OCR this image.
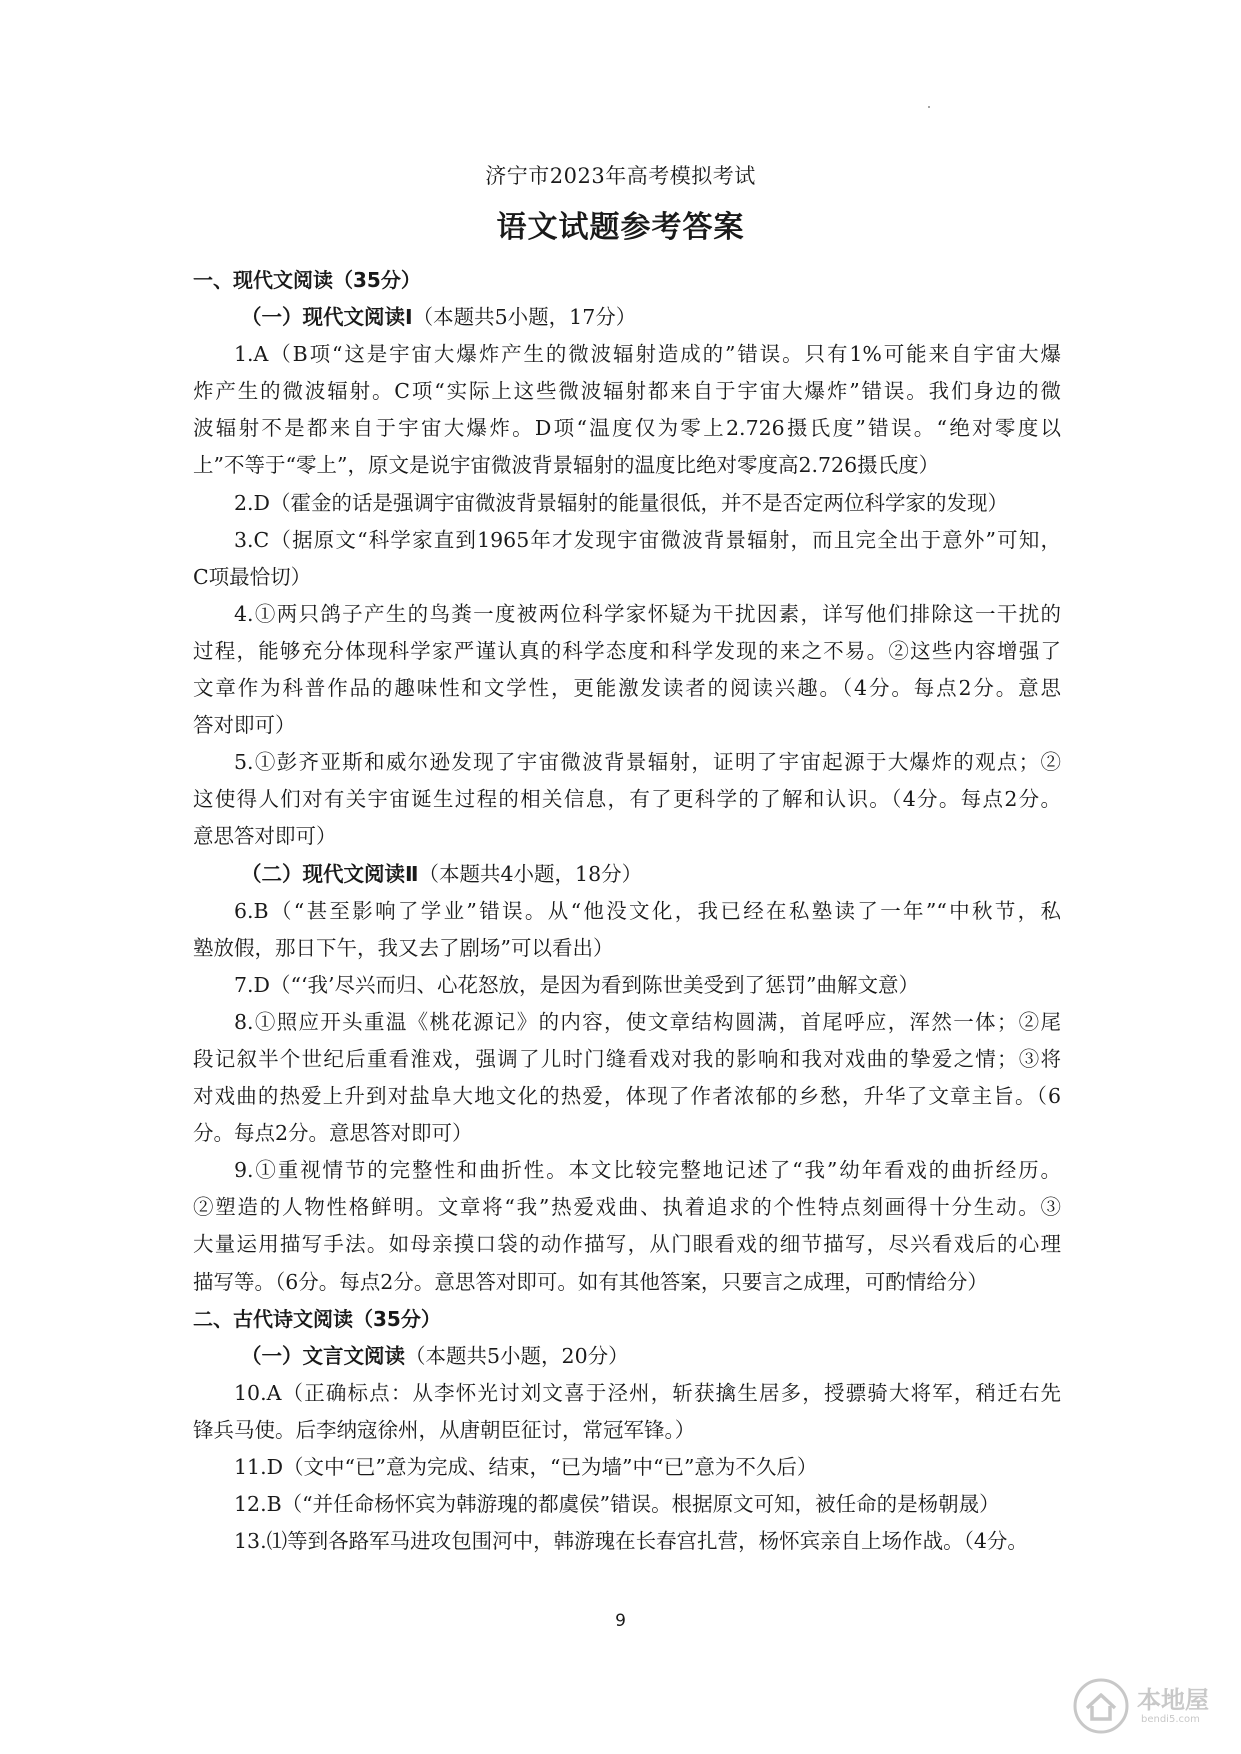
济宁市2023年高考模拟考试
语文试题参考答案
一、现代文阅读（35分）
（一）现代文阅读Ⅰ（本题共5小题，17分）
1.A（B项“这是宇宙大爆炸产生的微波辐射造成的”错误。只有1%可能来自宇宙大爆
炸产生的微波辐射。C项“实际上这些微波辐射都来自于宇宙大爆炸”错误。我们身边的微
波辐射不是都来自于宇宙大爆炸。D项“温度仅为零上2.726摄氏度”错误。“绝对零度以
上”不等于“零上”，原文是说宇宙微波背景辐射的温度比绝对零度高2.726摄氏度）
2.D（霍金的话是强调宇宙微波背景辐射的能量很低，并不是否定两位科学家的发现）
3.C（据原文“科学家直到1965年才发现宇宙微波背景辐射，而且完全出于意外”可知，
C项最恰切）
4.①两只鸽子产生的鸟粪一度被两位科学家怀疑为干扰因素，详写他们排除这一干扰的
过程，能够充分体现科学家严谨认真的科学态度和科学发现的来之不易。②这些内容增强了
文章作为科普作品的趣味性和文学性，更能激发读者的阅读兴趣。（4分。每点2分。意思
答对即可）
5.①彭齐亚斯和威尔逊发现了宇宙微波背景辐射，证明了宇宙起源于大爆炸的观点；②
这使得人们对有关宇宙诞生过程的相关信息，有了更科学的了解和认识。（4分。每点2分。
意思答对即可）
（二）现代文阅读Ⅱ（本题共4小题，18分）
6.B（“甚至影响了学业”错误。从“他没文化，我已经在私塾读了一年”“中秋节，私
塾放假，那日下午，我又去了剧场”可以看出）
7.D（“‘我’尽兴而归、心花怒放，是因为看到陈世美受到了惩罚”曲解文意）
8.①照应开头重温《桃花源记》的内容，使文章结构圆满，首尾呼应，浑然一体；②尾
段记叙半个世纪后重看淮戏，强调了儿时门缝看戏对我的影响和我对戏曲的挚爱之情；③将
对戏曲的热爱上升到对盐阜大地文化的热爱，体现了作者浓郁的乡愁，升华了文章主旨。（6
分。每点2分。意思答对即可）
9.①重视情节的完整性和曲折性。本文比较完整地记述了“我”幼年看戏的曲折经历。
②塑造的人物性格鲜明。文章将“我”热爱戏曲、执着追求的个性特点刻画得十分生动。③
大量运用描写手法。如母亲摸口袋的动作描写，从门眼看戏的细节描写，尽兴看戏后的心理
描写等。（6分。每点2分。意思答对即可。如有其他答案，只要言之成理，可酌情给分）
二、古代诗文阅读（35分）
（一）文言文阅读（本题共5小题，20分）
10.A（正确标点：从李怀光讨刘文喜于泾州，斩获擒生居多，授骠骑大将军，稍迁右先
锋兵马使。后李纳寇徐州，从唐朝臣征讨，常冠军锋。）
11.D（文中“已”意为完成、结束，“已为墙”中“已”意为不久后）
12.B（“并任命杨怀宾为韩游瑰的都虞侯”错误。根据原文可知，被任命的是杨朝晟）
13.⑴等到各路军马进攻包围河中，韩游瑰在长春宫扎营，杨怀宾亲自上场作战。（4分。
9
本地屋
bendi5.com
